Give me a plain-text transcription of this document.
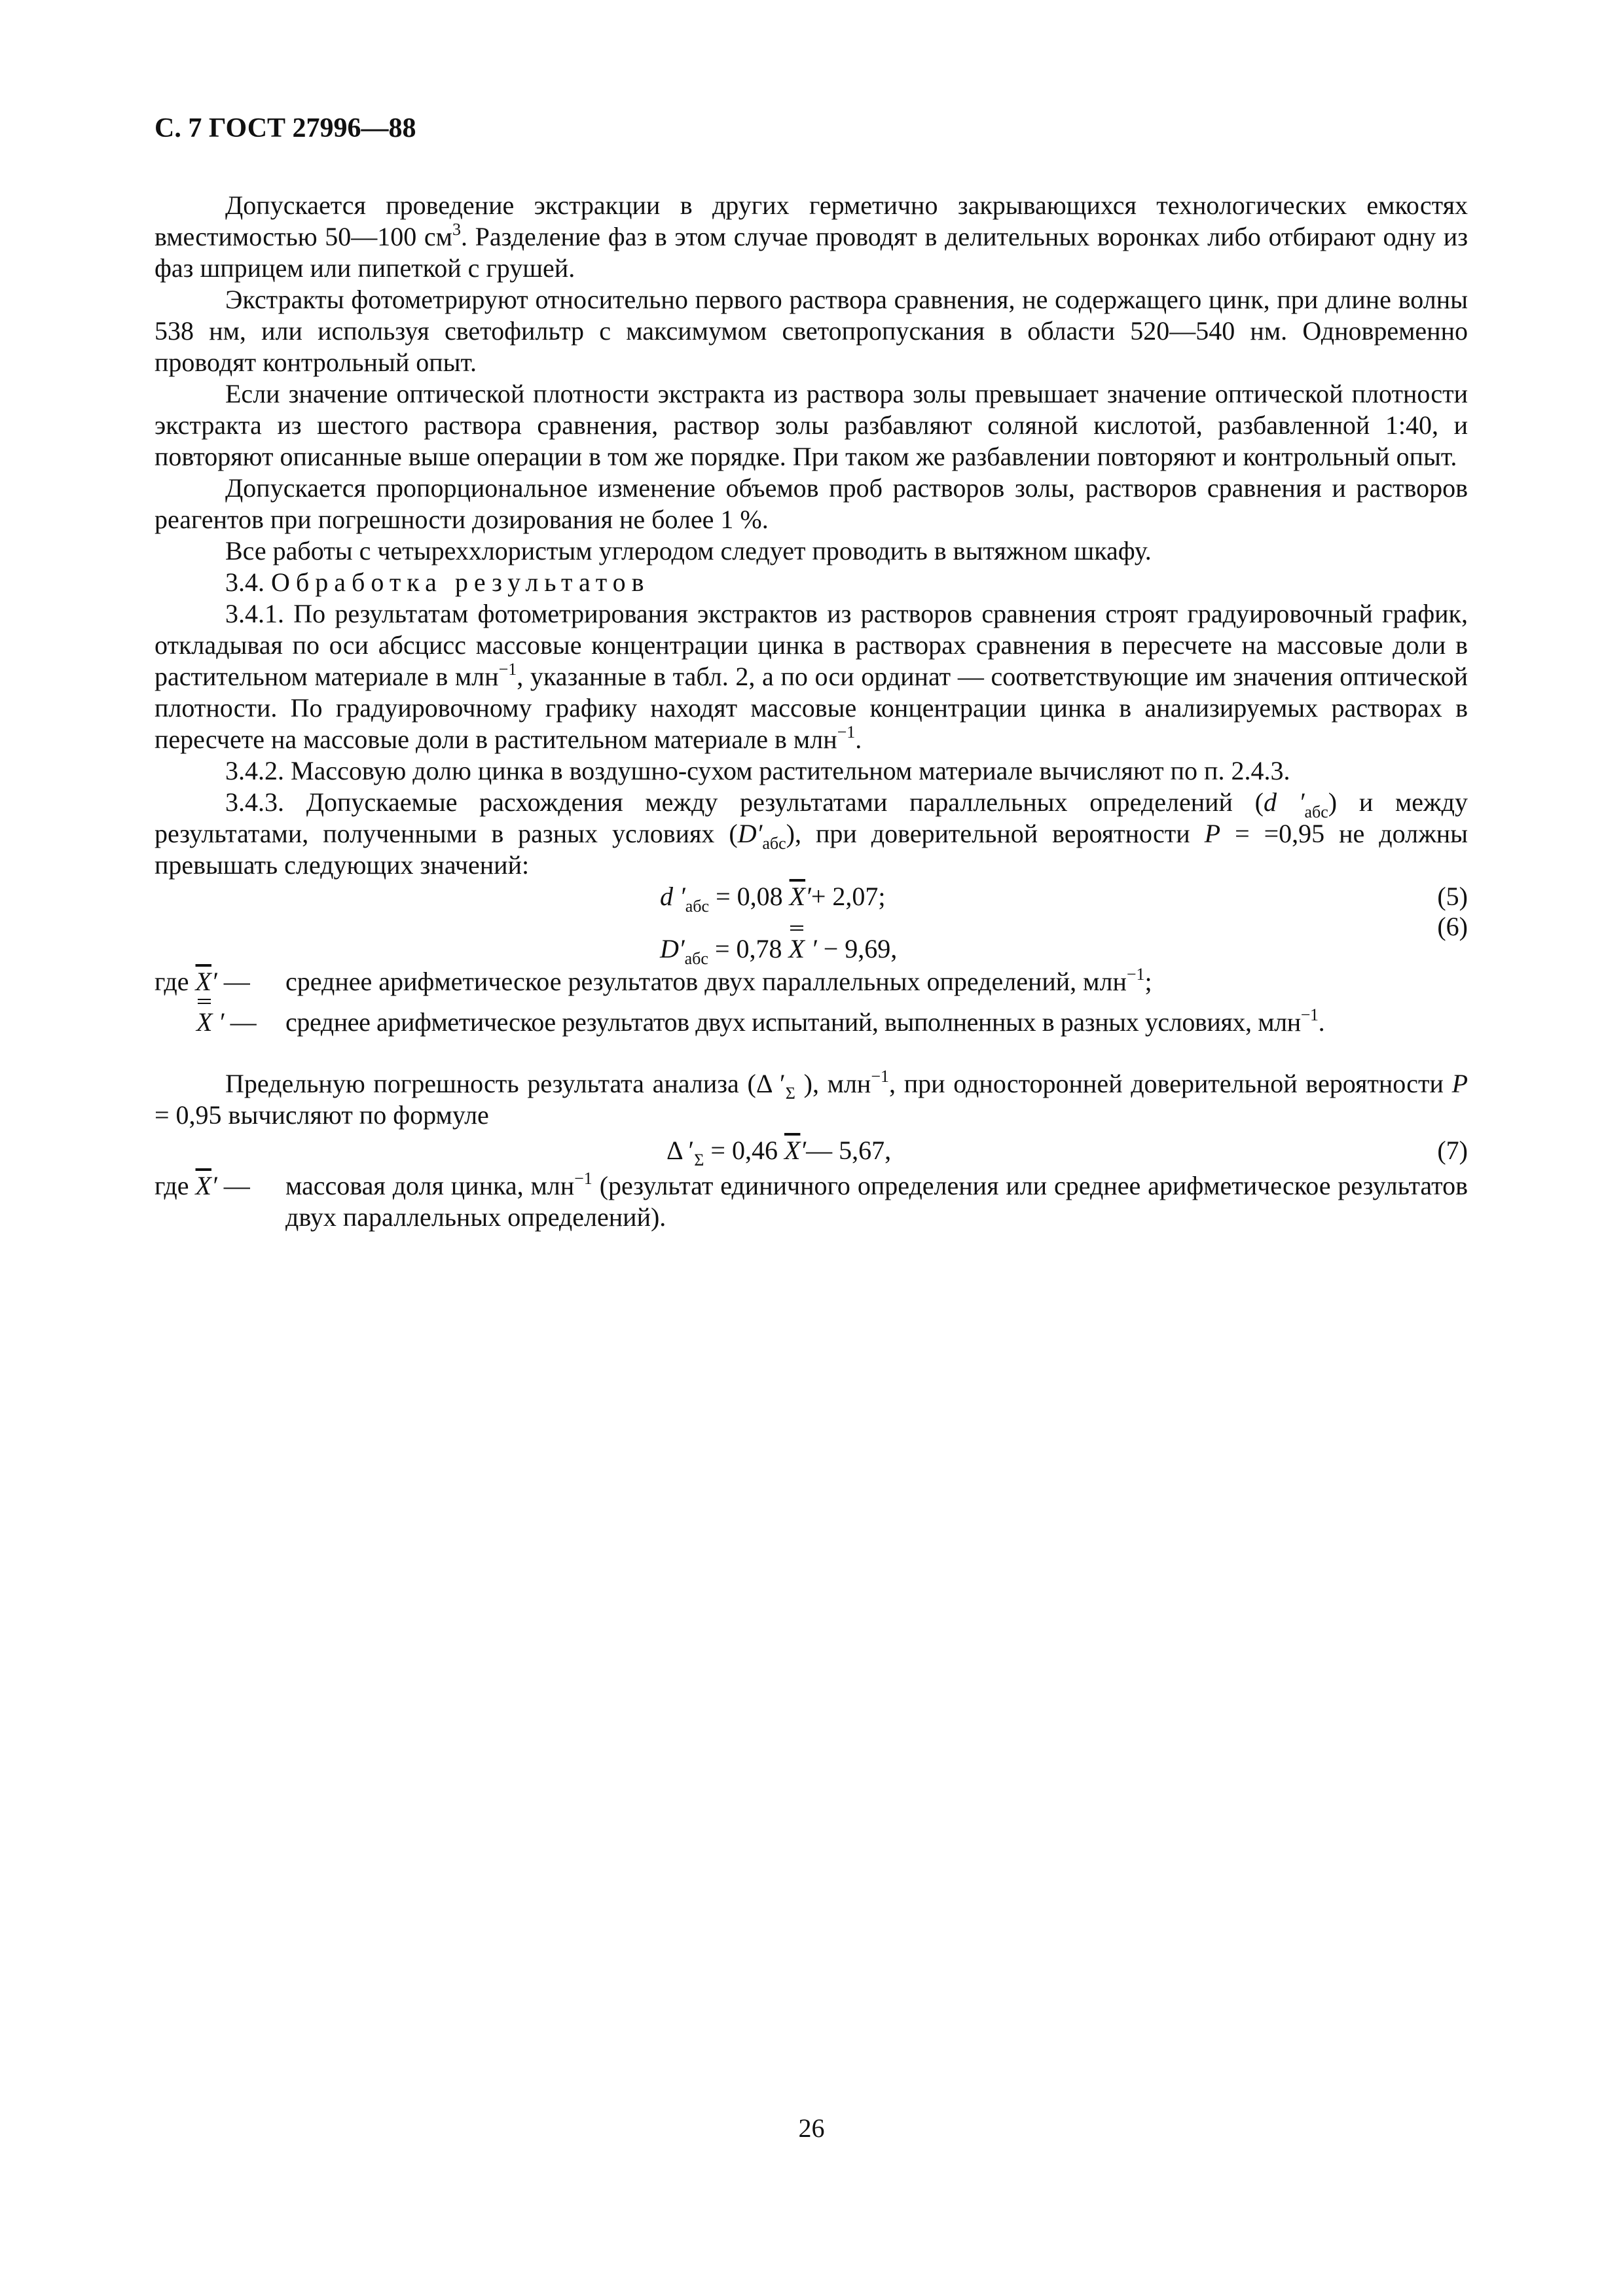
С. 7 ГОСТ 27996—88

Допускается проведение экстракции в других герметично закрывающихся технологических емкостях вместимостью 50—100 $см^3$. Разделение фаз в этом случае проводят в делительных воронках либо отбирают одну из фаз шприцем или пипеткой с грушей.

Экстракты фотометрируют относительно первого раствора сравнения, не содержащего цинк, при длине волны 538 нм, или используя светофильтр с максимумом светопропускания в области 520—540 нм. Одновременно проводят контрольный опыт.

Если значение оптической плотности экстракта из раствора золы превышает значение оптической плотности экстракта из шестого раствора сравнения, раствор золы разбавляют соляной кислотой, разбавленной 1:40, и повторяют описанные выше операции в том же порядке. При таком же разбавлении повторяют и контрольный опыт.

Допускается пропорциональное изменение объемов проб растворов золы, растворов сравнения и растворов реагентов при погрешности дозирования не более 1 %.

Все работы с четыреххлористым углеродом следует проводить в вытяжном шкафу.

3.4. Обработка результатов

3.4.1. По результатам фотометрирования экстрактов из растворов сравнения строят градуировочный график, откладывая по оси абсцисс массовые концентрации цинка в растворах сравнения в пересчете на массовые доли в растительном материале в млн$^{-1}$, указанные в табл. 2, а по оси ординат — соответствующие им значения оптической плотности. По градуировочному графику находят массовые концентрации цинка в анализируемых растворах в пересчете на массовые доли в растительном материале в млн$^{-1}$.

3.4.2. Массовую долю цинка в воздушно-сухом растительном материале вычисляют по п. 2.4.3.

3.4.3. Допускаемые расхождения между результатами параллельных определений (d $'_{абс}$) и между результатами, полученными в разных условиях $(D'_{абс})$, при доверительной вероятности P = =0,95 не должны превышать следующих значений:

d $'_{абс} = 0,08$ $\overline{X}'+ 2,07$;	(5)
$D'_{абс} = 0,78$ X ′ − 9,69,
(6)
где $\overline{X}'$ — среднее арифметическое результатов двух параллельных определений, млн$^{-1}$;
X ′ — среднее арифметическое результатов двух испытаний, выполненных в разных условиях, млн$^{-1}$.

Предельную погрешность результата анализа (Δ $'_\Sigma$ ), млн$^{-1}$, при односторонней доверительной вероятности P = 0,95 вычисляют по формуле

Δ $'_\Sigma = 0,46$ $\overline{X}'—$ 5,67,	(7)
где $\overline{X}'$ — массовая доля цинка, млн$^{-1}$ (результат единичного определения или среднее арифметическое результатов двух параллельных определений).
26
